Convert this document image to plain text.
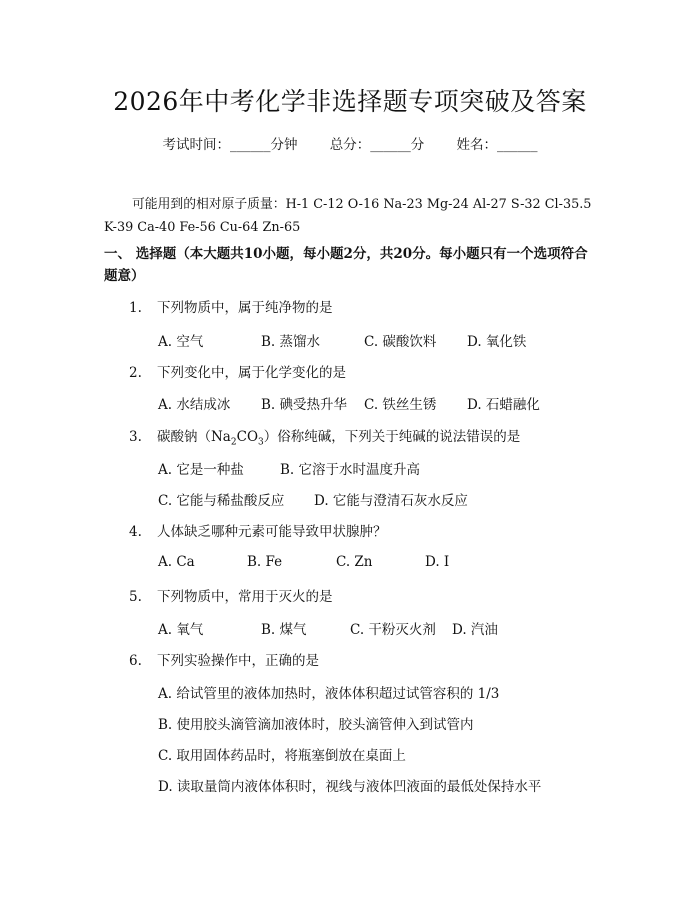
2026年中考化学非选择题专项突破及答案
考试时间：______分钟 总分：______分 姓名：______
可能用到的相对原子质量：H-1 C-12 O-16 Na-23 Mg-24 Al-27 S-32 Cl-35.5 K-39 Ca-40 Fe-56 Cu-64 Zn-65
一、 选择题（本大题共10小题，每小题2分，共20分。每小题只有一个选项符合题意）
1. 下列物质中，属于纯净物的是
A. 空气	B. 蒸馏水	C. 碳酸饮料 D. 氧化铁
2. 下列变化中，属于化学变化的是
A. 水结成冰 B. 碘受热升华 C. 铁丝生锈 D. 石蜡融化
3. 碳酸钠$(Na_2CO_3)$俗称纯碱，下列关于纯碱的说法错误的是
A. 它是一种盐	B. 它溶于水时温度升高
C. 它能与稀盐酸反应 D. 它能与澄清石灰水反应
4. 人体缺乏哪种元素可能导致甲状腺肿？
A. Ca	B. Fe	C. Zn	D. I
5. 下列物质中，常用于灭火的是
A. 氧气	B. 煤气	C. 干粉灭火剂 D. 汽油
6. 下列实验操作中，正确的是
A. 给试管里的液体加热时，液体体积超过试管容积的 1/3
B. 使用胶头滴管滴加液体时，胶头滴管伸入到试管内
C. 取用固体药品时，将瓶塞倒放在桌面上
D. 读取量筒内液体体积时，视线与液体凹液面的最低处保持水平
